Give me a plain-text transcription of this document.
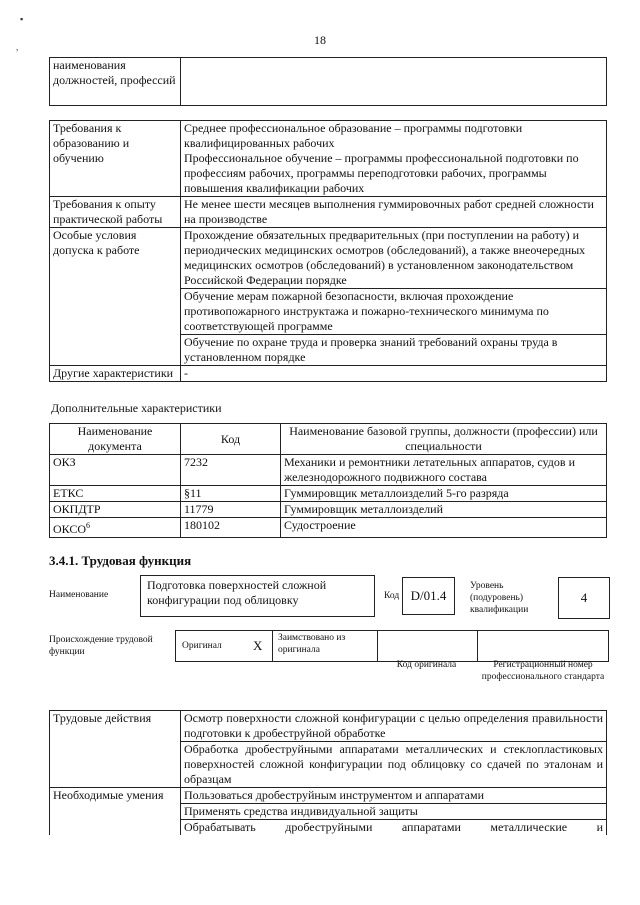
▪
,	18
наименования должностей, профессий	
Требования к образованию и обучению	Среднее профессиональное образование – программы подготовки квалифицированных рабочих
Профессиональное обучение – программы профессиональной подготовки по профессиям рабочих, программы переподготовки рабочих, программы повышения квалификации рабочих

Требования к опыту практической работы	Не менее шести месяцев выполнения гуммировочных работ средней сложности на производстве
Особые условия допуска к работе	Прохождение обязательных предварительных (при поступлении на работу) и периодических медицинских осмотров (обследований), а также внеочередных медицинских осмотров (обследований) в установленном законодательством Российской Федерации порядке
	Обучение мерам пожарной безопасности, включая прохождение противопожарного инструктажа и пожарно-технического минимума по соответствующей программе
	Обучение по охране труда и проверка знаний требований охраны труда в установленном порядке
Другие характеристики	-
Дополнительные характеристики
Наименование документа	Код	Наименование базовой группы, должности (профессии) или специальности
ОКЗ	7232	Механики и ремонтники летательных аппаратов, судов и железнодорожного подвижного состава
ЕТКС	§11	Гуммировщик металлоизделий 5-го разряда
ОКПДТР	11779	Гуммировщик металлоизделий
ОКСО$^6$	180102	Судостроение
3.4.1. Трудовая функция
Наименование
Подготовка поверхностей сложной конфигурации под облицовку	Код D/01.4
Уровень (подуровень) квалификации
4
Происхождение трудовой функции
Оригинал X Заимствовано из оригинала
Код оригинала	Регистрационный номер профессионального стандарта
Трудовые действия	Осмотр поверхности сложной конфигурации с целью определения правильности подготовки к дробеструйной обработке
	Обработка дробеструйными аппаратами металлических и стеклопластиковых поверхностей сложной конфигурации под облицовку со сдачей по эталонам и образцам
Необходимые умения	Пользоваться дробеструйным инструментом и аппаратами
	Применять средства индивидуальной защиты
	Обрабатывать дробеструйными аппаратами металлические и
